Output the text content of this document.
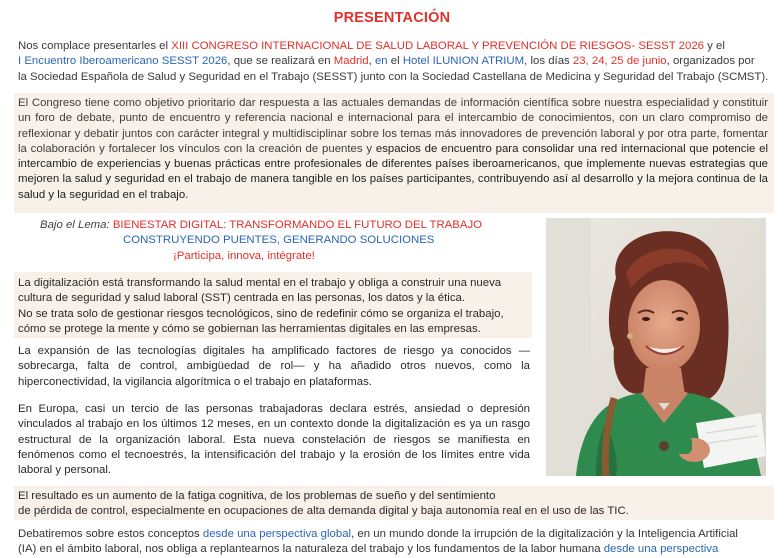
PRESENTACIÓN
Nos complace presentarles el XIII CONGRESO INTERNACIONAL DE SALUD LABORAL Y PREVENCIÓN DE RIESGOS- SESST 2026 y el
I Encuentro Iberoamericano SESST 2026, que se realizará en Madrid, en el Hotel ILUNION ATRIUM, los días 23, 24, 25 de junio, organizados por
la Sociedad Española de Salud y Seguridad en el Trabajo (SESST) junto con la Sociedad Castellana de Medicina y Seguridad del Trabajo (SCMST).

El Congreso tiene como objetivo prioritario dar respuesta a las actuales demandas de información científica sobre nuestra especialidad y constituir un foro de debate, punto de encuentro y referencia nacional e internacional para el intercambio de conocimientos, con un claro compromiso de reflexionar y debatir juntos con carácter integral y multidisciplinar sobre los temas más innovadores de prevención laboral y por otra parte, fomentar la colaboración y fortalecer los vínculos con la creación de puentes y espacios de encuentro para consolidar una red internacional que potencie el intercambio de experiencias y buenas prácticas entre profesionales de diferentes países iberoamericanos, que implemente nuevas estrategias que mejoren la salud y seguridad en el trabajo de manera tangible en los países participantes, contribuyendo así al desarrollo y la mejora continua de la salud y la seguridad en el trabajo.

Bajo el Lema: BIENESTAR DIGITAL: TRANSFORMANDO EL FUTURO DEL TRABAJO
CONSTRUYENDO PUENTES, GENERANDO SOLUCIONES
¡Participa, innova, intégrate!

La digitalización está transformando la salud mental en el trabajo y obliga a construir una nueva cultura de seguridad y salud laboral (SST) centrada en las personas, los datos y la ética.

No se trata solo de gestionar riesgos tecnológicos, sino de redefinir cómo se organiza el trabajo, cómo se protege la mente y cómo se gobiernan las herramientas digitales en las empresas.

La expansión de las tecnologías digitales ha amplificado factores de riesgo ya conocidos — sobrecarga, falta de control, ambigüedad de rol— y ha añadido otros nuevos, como la hiperconectividad, la vigilancia algorítmica o el trabajo en plataformas.

En Europa, casi un tercio de las personas trabajadoras declara estrés, ansiedad o depresión vinculados al trabajo en los últimos 12 meses, en un contexto donde la digitalización es ya un rasgo estructural de la organización laboral. Esta nueva constelación de riesgos se manifiesta en fenómenos como el tecnoestrés, la intensificación del trabajo y la erosión de los límites entre vida laboral y personal.

El resultado es un aumento de la fatiga cognitiva, de los problemas de sueño y del sentimiento
de pérdida de control, especialmente en ocupaciones de alta demanda digital y baja autonomía real en el uso de las TIC.
Debatiremos sobre estos conceptos desde una perspectiva global, en un mundo donde la irrupción de la digitalización y la Inteligencia Artificial
(IA) en el ámbito laboral, nos obliga a replantearnos la naturaleza del trabajo y los fundamentos de la labor humana desde una perspectiva
